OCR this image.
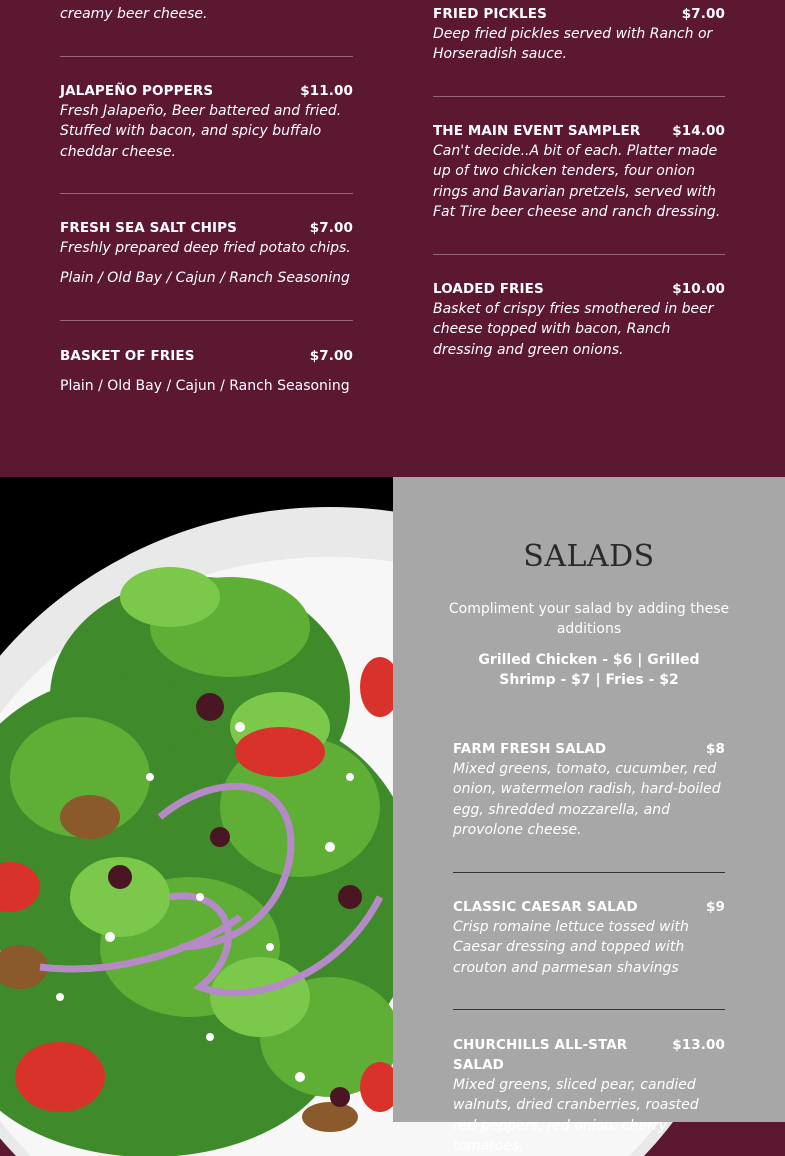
creamy beer cheese.
JALAPEÑO POPPERS	$11.00
Fresh Jalapeño, Beer battered and fried. Stuffed with bacon, and spicy buffalo cheddar cheese.
FRESH SEA SALT CHIPS	$7.00
Freshly prepared deep fried potato chips.
Plain / Old Bay / Cajun / Ranch Seasoning
BASKET OF FRIES	$7.00
Plain / Old Bay / Cajun / Ranch Seasoning
FRIED PICKLES	$7.00
Deep fried pickles served with Ranch or Horseradish sauce.
THE MAIN EVENT SAMPLER $14.00
Can't decide..A bit of each. Platter made up of two chicken tenders, four onion rings and Bavarian pretzels, served with Fat Tire beer cheese and ranch dressing.
LOADED FRIES	$10.00
Basket of crispy fries smothered in beer cheese topped with bacon, Ranch dressing and green onions.
SALADS
Compliment your salad by adding these additions
Grilled Chicken - $6 | Grilled Shrimp - $7 | Fries - $2
FARM FRESH SALAD	$8
Mixed greens, tomato, cucumber, red onion, watermelon radish, hard-boiled egg, shredded mozzarella, and provolone cheese.
CLASSIC CAESAR SALAD	$9
Crisp romaine lettuce tossed with Caesar dressing and topped with crouton and parmesan shavings
CHURCHILLS ALL-STAR SALAD
$13.00
Mixed greens, sliced pear, candied walnuts, dried cranberries, roasted red peppers, red onion, cherry tomatoes,
